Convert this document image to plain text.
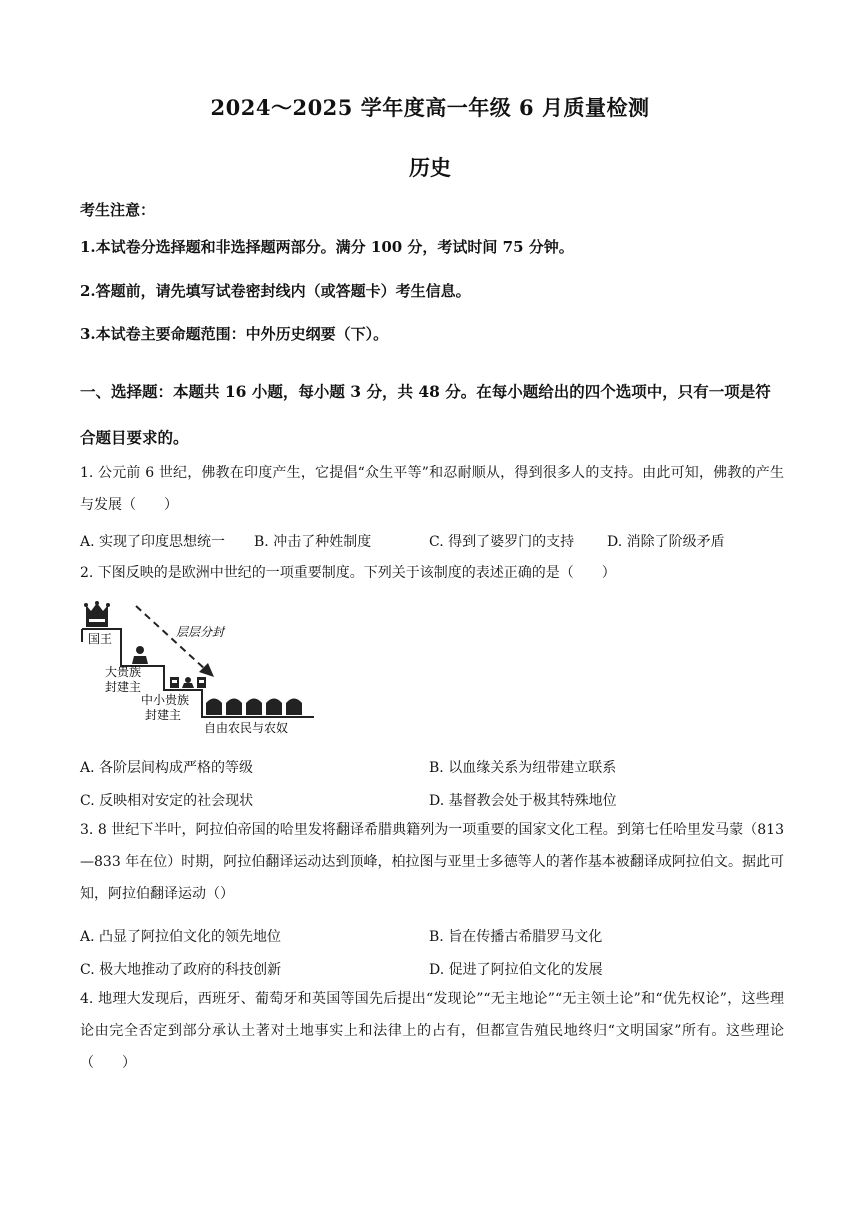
2024～2025 学年度高一年级 6 月质量检测
历史
考生注意：
1.本试卷分选择题和非选择题两部分。满分 100 分，考试时间 75 分钟。
2.答题前，请先填写试卷密封线内（或答题卡）考生信息。
3.本试卷主要命题范围：中外历史纲要（下）。
一、选择题：本题共 16 小题，每小题 3 分，共 48 分。在每小题给出的四个选项中，只有一项是符合题目要求的。
1. 公元前 6 世纪，佛教在印度产生，它提倡“众生平等”和忍耐顺从，得到很多人的支持。由此可知，佛教的产生与发展（　　）
A. 实现了印度思想统一 B. 冲击了种姓制度	C. 得到了婆罗门的支持 D. 消除了阶级矛盾
2. 下图反映的是欧洲中世纪的一项重要制度。下列关于该制度的表述正确的是（　　）
国王
大贵族
封建主
中小贵族
封建主
自由农民与农奴
层层分封
A. 各阶层间构成严格的等级	B. 以血缘关系为纽带建立联系
C. 反映相对安定的社会现状	D. 基督教会处于极其特殊地位
3. 8 世纪下半叶，阿拉伯帝国的哈里发将翻译希腊典籍列为一项重要的国家文化工程。到第七任哈里发马蒙（813—833 年在位）时期，阿拉伯翻译运动达到顶峰，柏拉图与亚里士多德等人的著作基本被翻译成阿拉伯文。据此可知，阿拉伯翻译运动（）
A. 凸显了阿拉伯文化的领先地位	B. 旨在传播古希腊罗马文化
C. 极大地推动了政府的科技创新	D. 促进了阿拉伯文化的发展
4. 地理大发现后，西班牙、葡萄牙和英国等国先后提出“发现论”“无主地论”“无主领土论”和“优先权论”，这些理论由完全否定到部分承认土著对土地事实上和法律上的占有，但都宣告殖民地终归“文明国家”所有。这些理论（　　）
